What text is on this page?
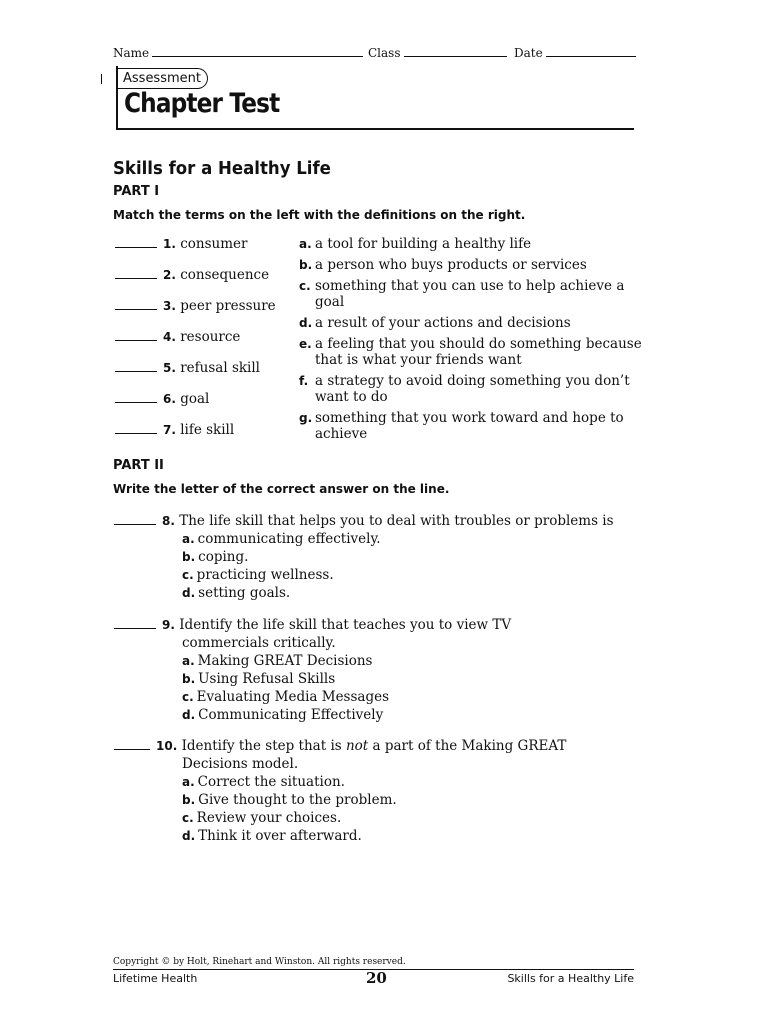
Name	Class	Date
Assessment
Chapter Test
Skills for a Healthy Life
PART I
Match the terms on the left with the definitions on the right.
1. consumer
2. consequence
3. peer pressure
4. resource
5. refusal skill
6. goal
7. life skill
a. a tool for building a healthy life
b. a person who buys products or services
c. something that you can use to help achieve a goal
d. a result of your actions and decisions
e. a feeling that you should do something because that is what your friends want
f. a strategy to avoid doing something you don’t want to do
g. something that you work toward and hope to achieve
PART II
Write the letter of the correct answer on the line.
8. The life skill that helps you to deal with troubles or problems is
a. communicating effectively.
b. coping.
c. practicing wellness.
d. setting goals.
9. Identify the life skill that teaches you to view TV
commercials critically.
a. Making GREAT Decisions
b. Using Refusal Skills
c. Evaluating Media Messages
d. Communicating Effectively
10. Identify the step that is not a part of the Making GREAT
Decisions model.
a. Correct the situation.
b. Give thought to the problem.
c. Review your choices.
d. Think it over afterward.
Copyright © by Holt, Rinehart and Winston. All rights reserved.
Lifetime Health	20	Skills for a Healthy Life
